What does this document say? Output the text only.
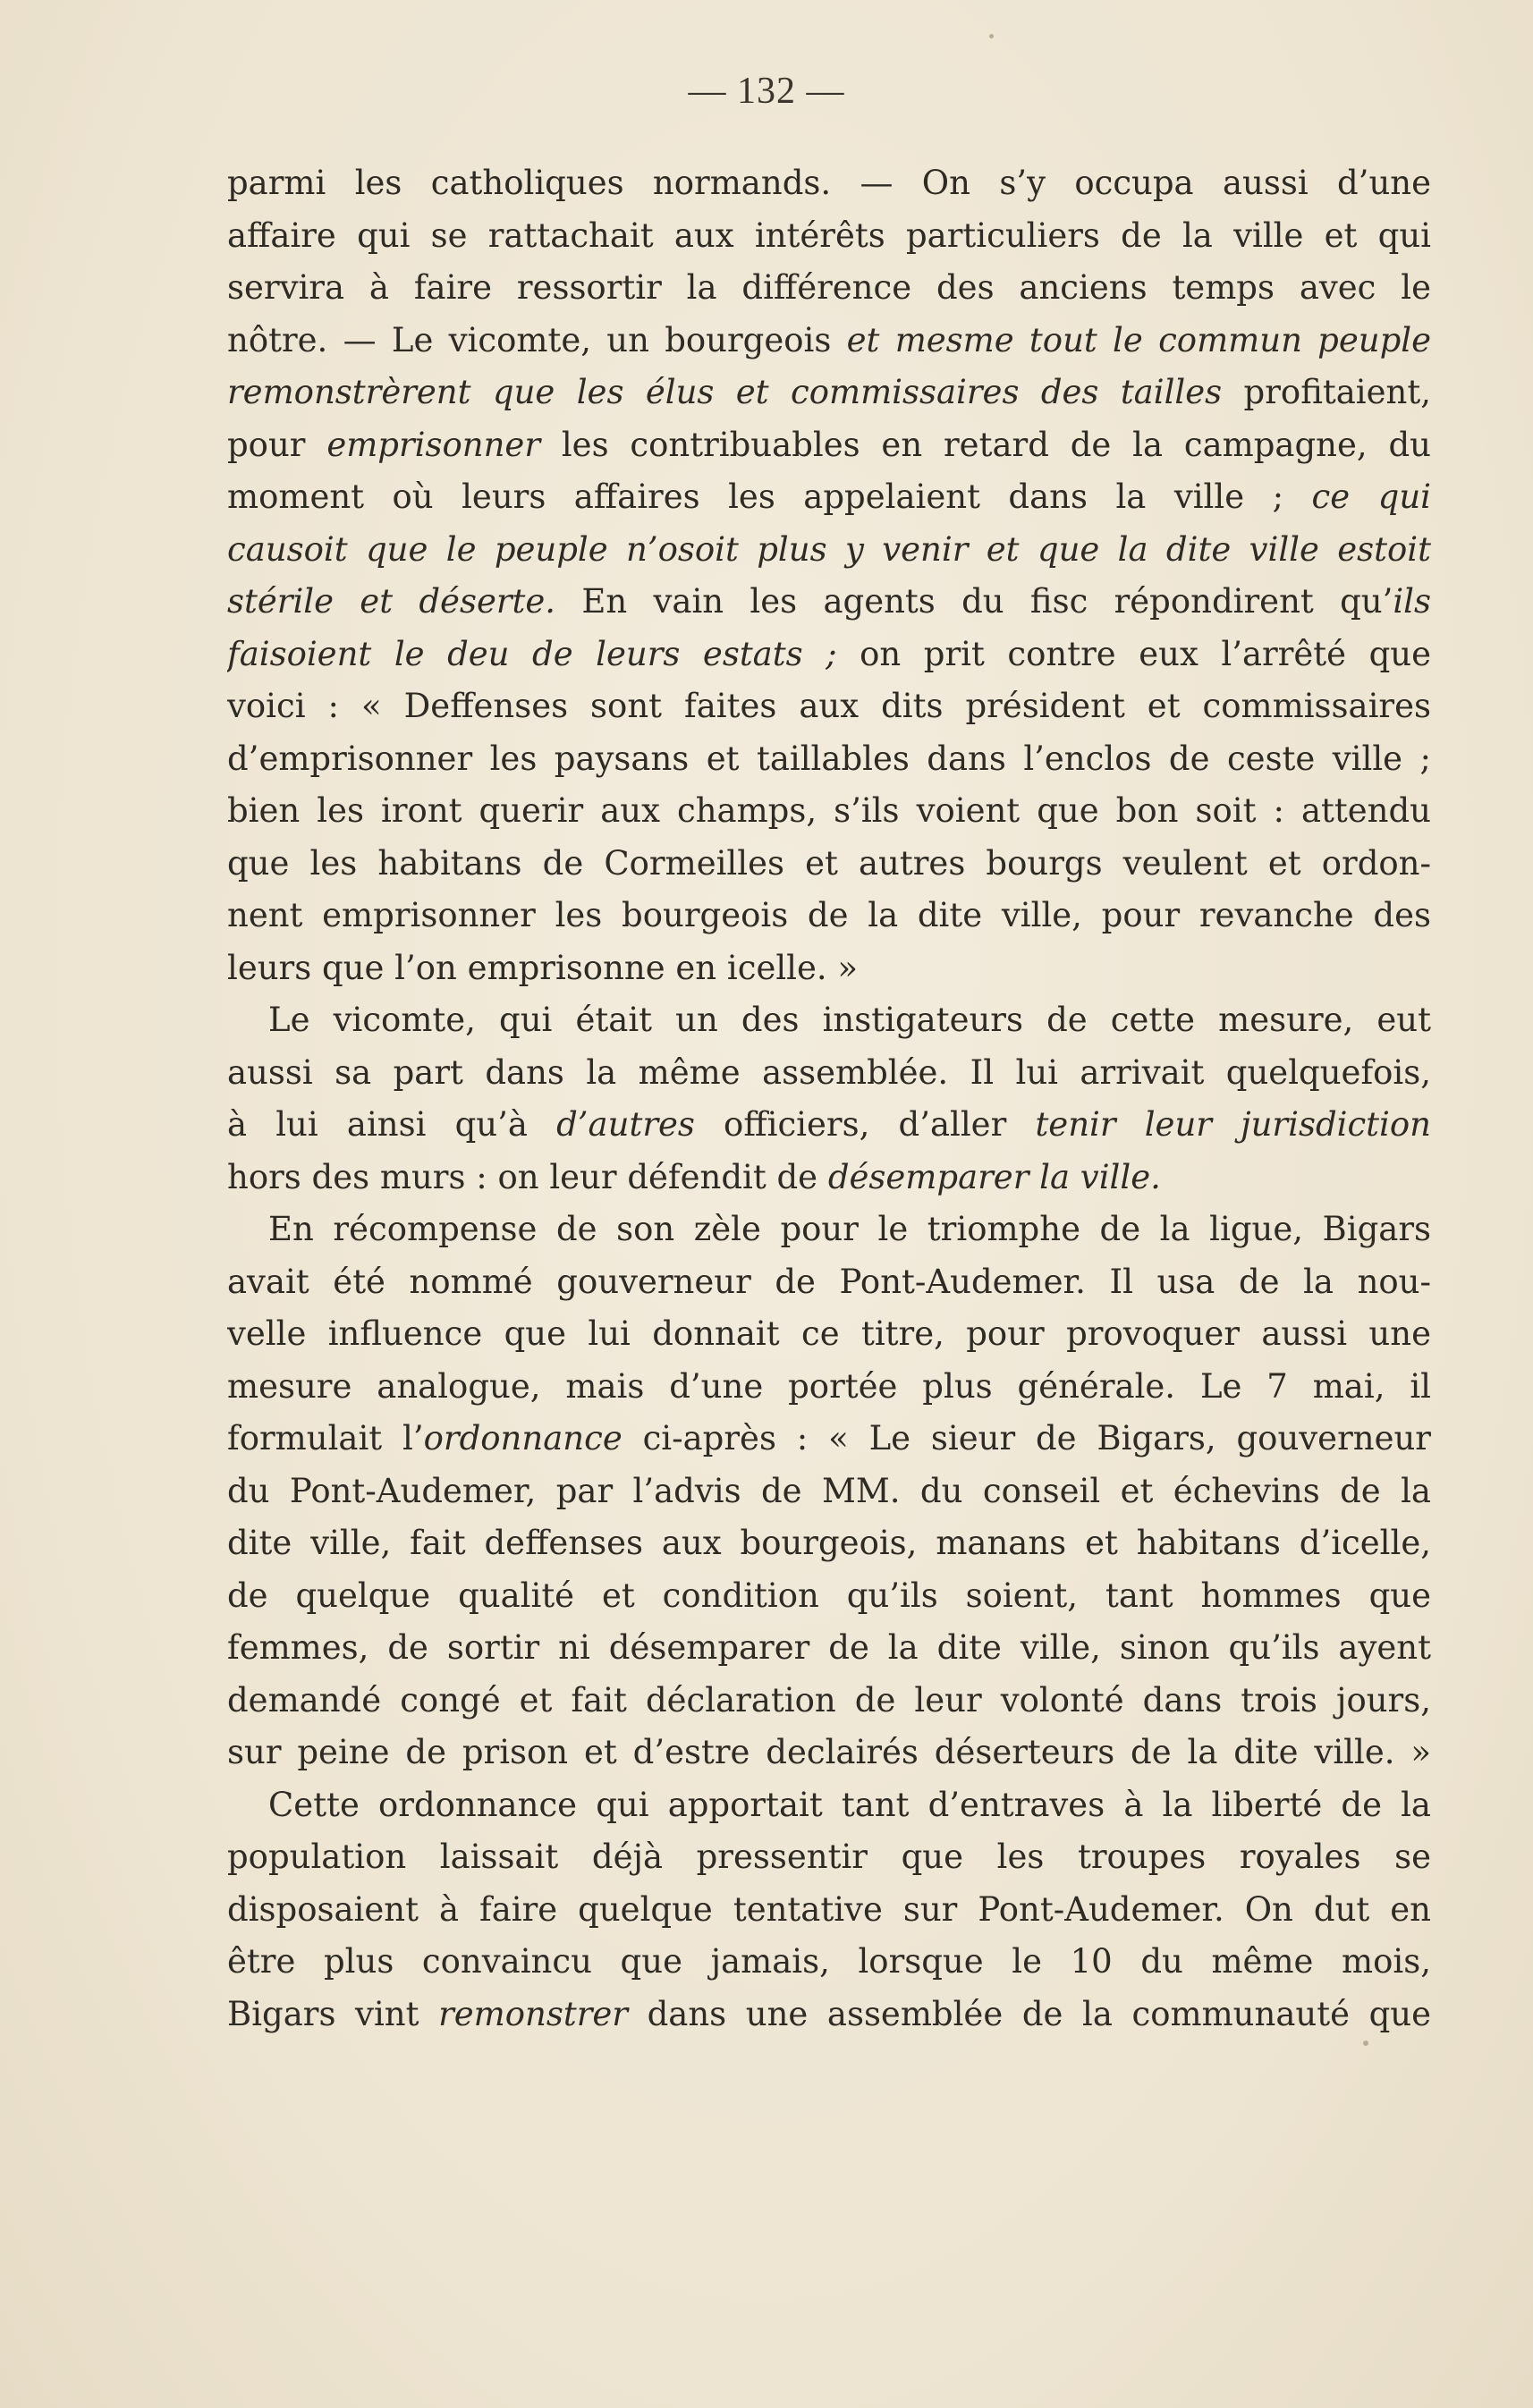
— 132 —
parmi les catholiques normands. — On s’y occupa aussi d’une
affaire qui se rattachait aux intérêts particuliers de la ville et qui
servira à faire ressortir la différence des anciens temps avec le
nôtre. — Le vicomte, un bourgeois et mesme tout le commun peuple
remonstrèrent que les élus et commissaires des tailles profitaient,
pour emprisonner les contribuables en retard de la campagne, du
moment où leurs affaires les appelaient dans la ville ; ce qui
causoit que le peuple n’osoit plus y venir et que la dite ville estoit
stérile et déserte. En vain les agents du fisc répondirent qu’ils
faisoient le deu de leurs estats ; on prit contre eux l’arrêté que
voici : « Deffenses sont faites aux dits président et commissaires
d’emprisonner les paysans et taillables dans l’enclos de ceste ville ;
bien les iront querir aux champs, s’ils voient que bon soit : attendu
que les habitans de Cormeilles et autres bourgs veulent et ordon-
nent emprisonner les bourgeois de la dite ville, pour revanche des
leurs que l’on emprisonne en icelle. »
Le vicomte, qui était un des instigateurs de cette mesure, eut
aussi sa part dans la même assemblée. Il lui arrivait quelquefois,
à lui ainsi qu’à d’autres officiers, d’aller tenir leur jurisdiction
hors des murs : on leur défendit de désemparer la ville.
En récompense de son zèle pour le triomphe de la ligue, Bigars
avait été nommé gouverneur de Pont-Audemer. Il usa de la nou-
velle influence que lui donnait ce titre, pour provoquer aussi une
mesure analogue, mais d’une portée plus générale. Le 7 mai, il
formulait l’ordonnance ci-après : « Le sieur de Bigars, gouverneur
du Pont-Audemer, par l’advis de MM. du conseil et échevins de la
dite ville, fait deffenses aux bourgeois, manans et habitans d’icelle,
de quelque qualité et condition qu’ils soient, tant hommes que
femmes, de sortir ni désemparer de la dite ville, sinon qu’ils ayent
demandé congé et fait déclaration de leur volonté dans trois jours,
sur peine de prison et d’estre declairés déserteurs de la dite ville. »
Cette ordonnance qui apportait tant d’entraves à la liberté de la
population laissait déjà pressentir que les troupes royales se
disposaient à faire quelque tentative sur Pont-Audemer. On dut en
être plus convaincu que jamais, lorsque le 10 du même mois,
Bigars vint remonstrer dans une assemblée de la communauté que
